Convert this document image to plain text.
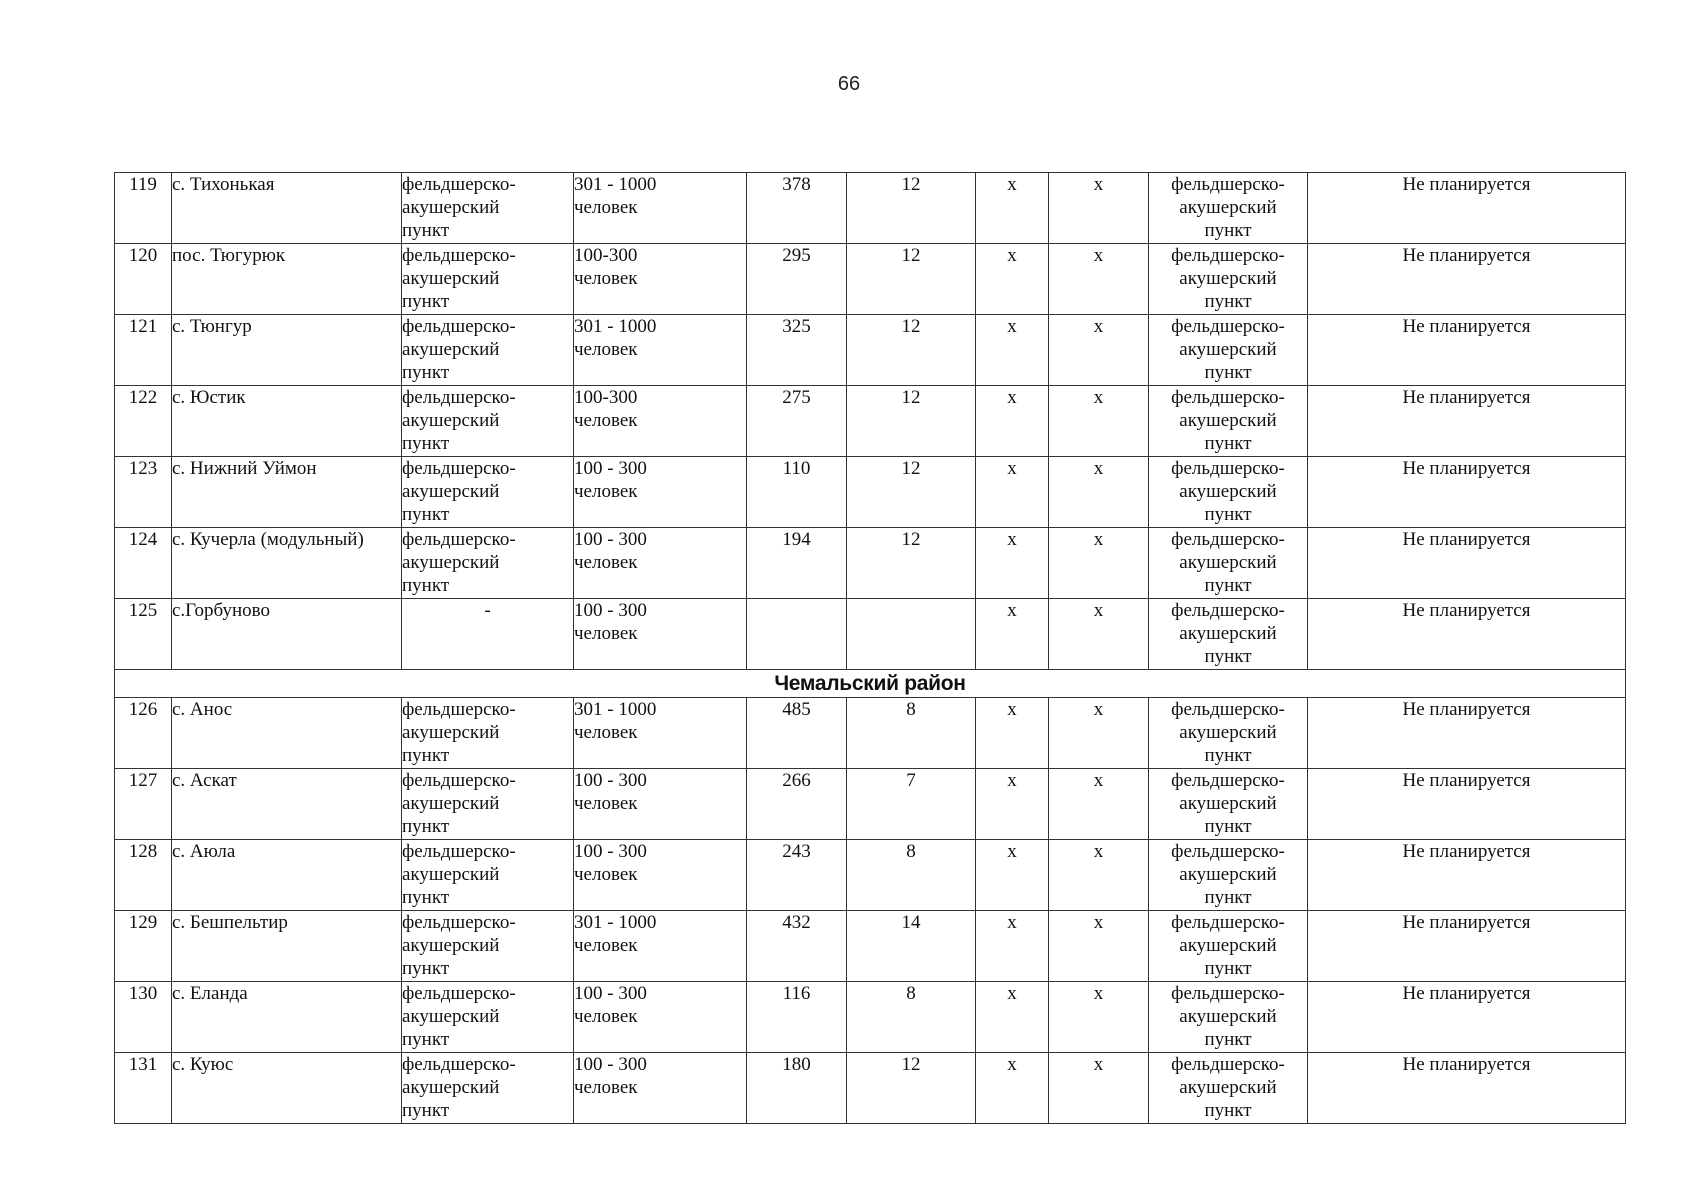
66
119	с. Тихонькая	фельдшерско-
акушерский
пункт	301 - 1000
человек	378	12	х	х	фельдшерско-
акушерский
пункт	Не планируется
120	пос. Тюгурюк	фельдшерско-
акушерский
пункт	100-300
человек	295	12	х	х	фельдшерско-
акушерский
пункт	Не планируется
121	с. Тюнгур	фельдшерско-
акушерский
пункт	301 - 1000
человек	325	12	х	х	фельдшерско-
акушерский
пункт	Не планируется
122	с. Юстик	фельдшерско-
акушерский
пункт	100-300
человек	275	12	х	х	фельдшерско-
акушерский
пункт	Не планируется
123	с. Нижний Уймон	фельдшерско-
акушерский
пункт	100 - 300
человек	110	12	х	х	фельдшерско-
акушерский
пункт	Не планируется
124	с. Кучерла (модульный)	фельдшерско-
акушерский
пункт	100 - 300
человек	194	12	х	х	фельдшерско-
акушерский
пункт	Не планируется
125	с.Горбуново	-	100 - 300
человек			х	х	фельдшерско-
акушерский
пункт	Не планируется
Чемальский район									
126	с. Анос	фельдшерско-
акушерский
пункт	301 - 1000
человек	485	8	х	х	фельдшерско-
акушерский
пункт	Не планируется
127	с. Аскат	фельдшерско-
акушерский
пункт	100 - 300
человек	266	7	х	х	фельдшерско-
акушерский
пункт	Не планируется
128	с. Аюла	фельдшерско-
акушерский
пункт	100 - 300
человек	243	8	х	х	фельдшерско-
акушерский
пункт	Не планируется
129	с. Бешпельтир	фельдшерско-
акушерский
пункт	301 - 1000
человек	432	14	х	х	фельдшерско-
акушерский
пункт	Не планируется
130	с. Еланда	фельдшерско-
акушерский
пункт	100 - 300
человек	116	8	х	х	фельдшерско-
акушерский
пункт	Не планируется
131	с. Куюс	фельдшерско-
акушерский
пункт	100 - 300
человек	180	12	х	х	фельдшерско-
акушерский
пункт	Не планируется
